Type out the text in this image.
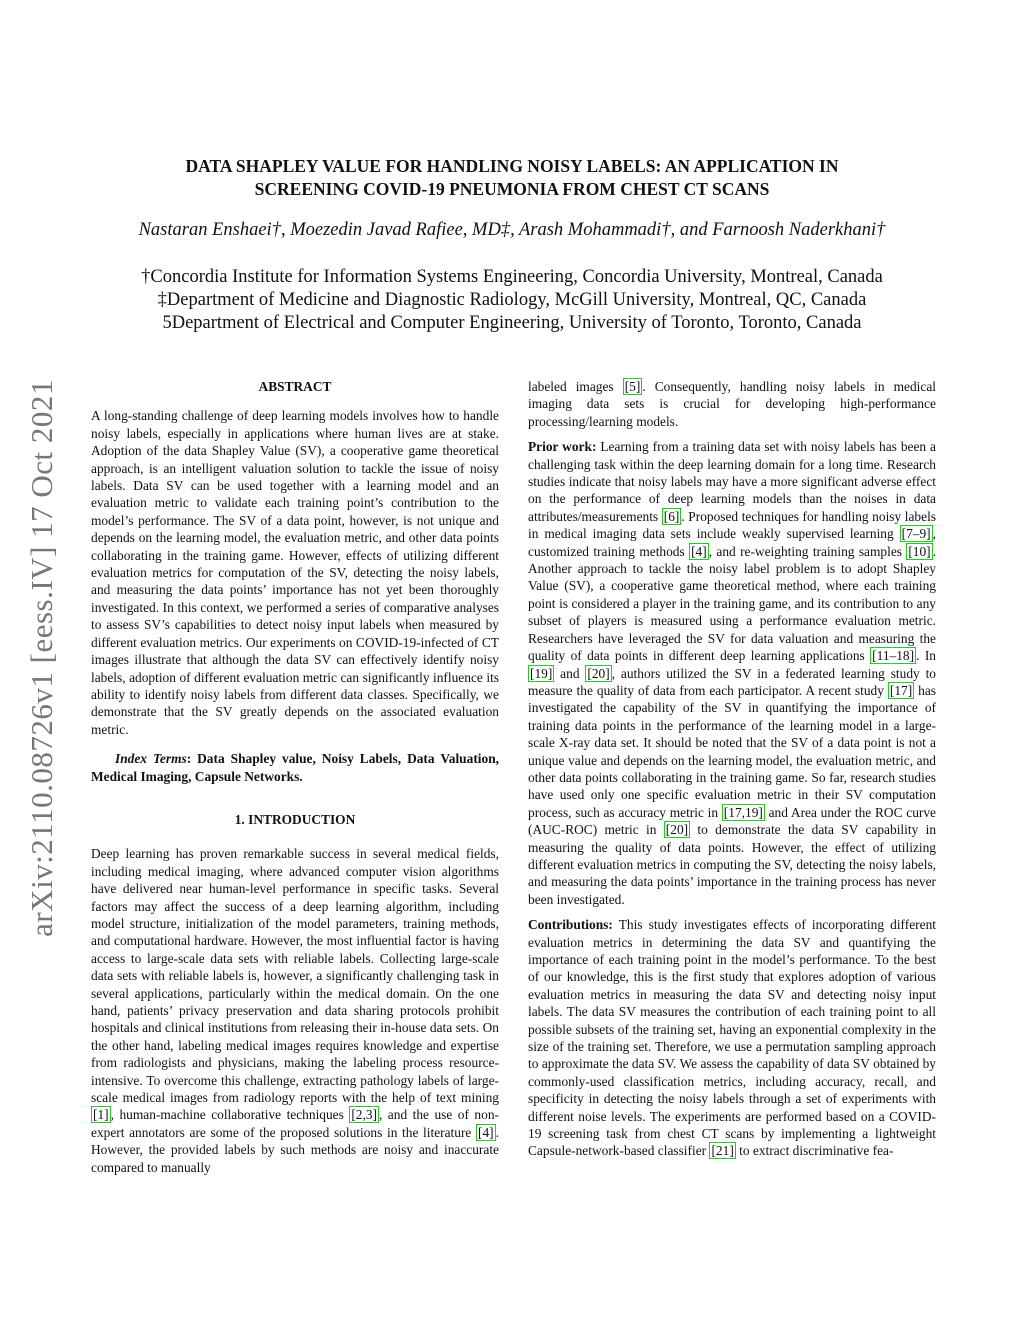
arXiv:2110.08726v1 [eess.IV] 17 Oct 2021
DATA SHAPLEY VALUE FOR HANDLING NOISY LABELS: AN APPLICATION IN
SCREENING COVID-19 PNEUMONIA FROM CHEST CT SCANS
Nastaran Enshaei†, Moezedin Javad Rafiee, MD‡, Arash Mohammadi†, and Farnoosh Naderkhani†
†Concordia Institute for Information Systems Engineering, Concordia University, Montreal, Canada
‡Department of Medicine and Diagnostic Radiology, McGill University, Montreal, QC, Canada
5Department of Electrical and Computer Engineering, University of Toronto, Toronto, Canada

ABSTRACT

A long-standing challenge of deep learning models involves how to handle noisy labels, especially in applications where human lives are at stake. Adoption of the data Shapley Value (SV), a cooperative game theoretical approach, is an intelligent valuation solution to tackle the issue of noisy labels. Data SV can be used together with a learning model and an evaluation metric to validate each training point’s contribution to the model’s performance. The SV of a data point, however, is not unique and depends on the learning model, the evaluation metric, and other data points collaborating in the training game. However, effects of utilizing different evaluation metrics for computation of the SV, detecting the noisy labels, and measuring the data points’ importance has not yet been thoroughly investigated. In this context, we performed a series of comparative analyses to assess SV’s capabilities to detect noisy input labels when measured by different evaluation metrics. Our experiments on COVID-19-infected of CT images illustrate that although the data SV can effectively identify noisy labels, adoption of different evaluation metric can significantly influence its ability to identify noisy labels from different data classes. Specifically, we demonstrate that the SV greatly depends on the associated evaluation metric.

Index Terms: Data Shapley value, Noisy Labels, Data Valuation, Medical Imaging, Capsule Networks.

1. INTRODUCTION

Deep learning has proven remarkable success in several medical fields, including medical imaging, where advanced computer vision algorithms have delivered near human-level performance in specific tasks. Several factors may affect the success of a deep learning algorithm, including model structure, initialization of the model parameters, training methods, and computational hardware. However, the most influential factor is having access to large-scale data sets with reliable labels. Collecting large-scale data sets with reliable labels is, however, a significantly challenging task in several applications, particularly within the medical domain. On the one hand, patients’ privacy preservation and data sharing protocols prohibit hospitals and clinical institutions from releasing their in-house data sets. On the other hand, labeling medical images requires knowledge and expertise from radiologists and physicians, making the labeling process resource-intensive. To overcome this challenge, extracting pathology labels of large-scale medical images from radiology reports with the help of text mining [1] , human-machine collaborative techniques [2,3] , and the use of non-expert annotators are some of the proposed solutions in the literature [4] . However, the provided labels by such methods are noisy and inaccurate compared to manually

labeled images [5] . Consequently, handling noisy labels in medical imaging data sets is crucial for developing high-performance processing/learning models.

Prior work: Learning from a training data set with noisy labels has been a challenging task within the deep learning domain for a long time. Research studies indicate that noisy labels may have a more significant adverse effect on the performance of deep learning models than the noises in data attributes/measurements [6] . Proposed techniques for handling noisy labels in medical imaging data sets include weakly supervised learning [7–9] , customized training methods [4] , and re-weighting training samples [10] . Another approach to tackle the noisy label problem is to adopt Shapley Value (SV), a cooperative game theoretical method, where each training point is considered a player in the training game, and its contribution to any subset of players is measured using a performance evaluation metric. Researchers have leveraged the SV for data valuation and measuring the quality of data points in different deep learning applications [11–18] . In [19] and [20] , authors utilized the SV in a federated learning study to measure the quality of data from each participator. A recent study [17] has investigated the capability of the SV in quantifying the importance of training data points in the performance of the learning model in a large-scale X-ray data set. It should be noted that the SV of a data point is not a unique value and depends on the learning model, the evaluation metric, and other data points collaborating in the training game. So far, research studies have used only one specific evaluation metric in their SV computation process, such as accuracy metric in [17,19] and Area under the ROC curve (AUC-ROC) metric in [20] to demonstrate the data SV capability in measuring the quality of data points. However, the effect of utilizing different evaluation metrics in computing the SV, detecting the noisy labels, and measuring the data points’ importance in the training process has never been investigated.

Contributions: This study investigates effects of incorporating different evaluation metrics in determining the data SV and quantifying the importance of each training point in the model’s performance. To the best of our knowledge, this is the first study that explores adoption of various evaluation metrics in measuring the data SV and detecting noisy input labels. The data SV measures the contribution of each training point to all possible subsets of the training set, having an exponential complexity in the size of the training set. Therefore, we use a permutation sampling approach to approximate the data SV. We assess the capability of data SV obtained by commonly-used classification metrics, including accuracy, recall, and specificity in detecting the noisy labels through a set of experiments with different noise levels. The experiments are performed based on a COVID- 19 screening task from chest CT scans by implementing a lightweight Capsule-network-based classifier [21] to extract discriminative fea-
